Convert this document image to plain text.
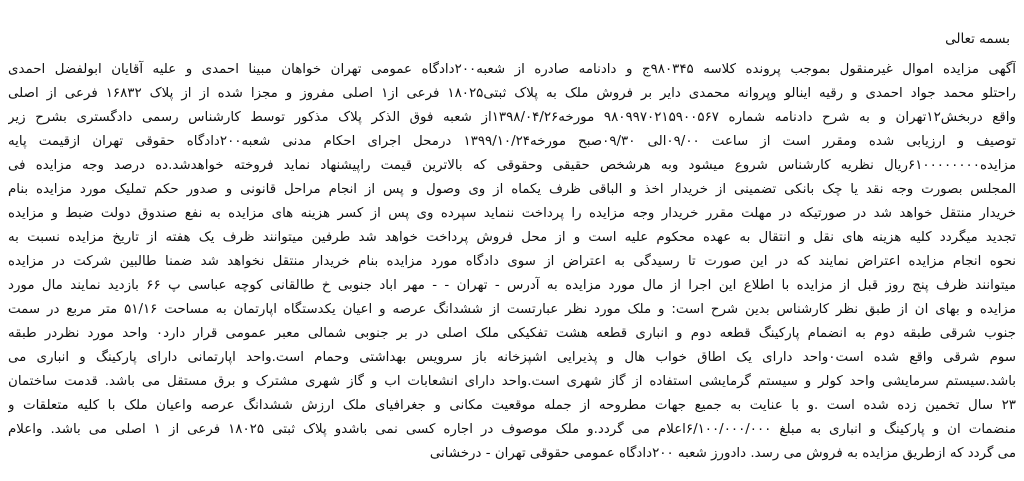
بسمه تعالی
آگهی مزایده اموال غیرمنقول بموجب پرونده کلاسه ۹۸۰۳۴۵ج و دادنامه صادره از شعبه۲۰۰دادگاه عمومی تهران خواهان مبینا احمدی و علیه آقایان ابولفضل احمدی
راحتلو محمد جواد احمدی و رقیه اینالو وپروانه محمدی دایر بر فروش ملک به پلاک ثبتی۱۸۰۲۵ فرعی از۱ اصلی مفروز و مجزا شده از از پلاک ۱۶۸۳۲ فرعی از اصلی
واقع دربخش۱۲تهران و به شرح دادنامه شماره ۹۸۰۹۹۷۰۲۱۵۹۰۰۵۶۷ مورخه۱۳۹۸/۰۴/۲۶از شعبه فوق الذکر پلاک مذکور توسط کارشناس رسمی دادگستری بشرح زیر
توصیف و ارزیابی شده ومقرر است از ساعت ۰۹/۰۰الی ۰۹/۳۰صبح مورخه۱۳۹۹/۱۰/۲۴ درمحل اجرای احکام مدنی شعبه۲۰۰دادگاه حقوقی تهران ازقیمت پایه
مزایده۶۱۰۰۰۰۰۰۰۰ریال نظریه کارشناس شروع میشود وبه هرشخص حقیقی وحقوقی که بالاترین قیمت راپیشنهاد نماید فروخته خواهدشد.ده درصد وجه مزایده فی
المجلس بصورت وجه نقد یا چک بانکی تضمینی از خریدار اخذ و الباقی ظرف یکماه از وی وصول و پس از انجام مراحل قانونی و صدور حکم تملیک مورد مزایده بنام
خریدار منتقل خواهد شد در صورتیکه در مهلت مقرر خریدار وجه مزایده را پرداخت ننماید سپرده وی پس از کسر هزینه های مزایده به نفع صندوق دولت ضبط و مزایده
تجدید میگردد کلیه هزینه های نقل و انتقال به عهده محکوم علیه است و از محل فروش پرداخت خواهد شد طرفین میتوانند ظرف یک هفته از تاریخ مزایده نسبت به
نحوه انجام مزایده اعتراض نمایند که در این صورت تا رسیدگی به اعتراض از سوی دادگاه مورد مزایده بنام خریدار منتقل نخواهد شد ضمنا طالبین شرکت در مزایده
میتوانند ظرف پنج روز قبل از مزایده با اطلاع این اجرا از مال مورد مزایده به آدرس - تهران - - مهر اباد جنوبی خ طالقانی کوچه عباسی پ ۶۶ بازدید نمایند مال مورد
مزایده و بهای ان از طبق نظر کارشناس بدین شرح است: و ملک مورد نظر عبارتست از ششدانگ عرصه و اعیان یکدستگاه اپارتمان به مساحت ۵۱/۱۶ متر مربع در سمت
جنوب شرقی طبقه دوم به انضمام پارکینگ قطعه دوم و انباری قطعه هشت تفکیکی ملک اصلی در بر جنوبی شمالی معبر عمومی قرار دارد۰ واحد مورد نظردر طبقه
سوم شرقی واقع شده است۰واحد دارای یک اطاق خواب هال و پذیرایی اشپزخانه باز سرویس بهداشتی وحمام است.واحد اپارتمانی دارای پارکینگ و انباری می
باشد.سیستم سرمایشی واحد کولر و سیستم گرمایشی استفاده از گاز شهری است.واحد دارای انشعابات اب و گاز شهری مشترک و برق مستقل می باشد. قدمت ساختمان
۲۳ سال تخمین زده شده است .و با عنایت به جمیع جهات مطروحه از جمله موقعیت مکانی و جغرافیای ملک ارزش ششدانگ عرصه واعیان ملک با کلیه متعلقات و
منضمات ان و پارکینگ و انباری به مبلغ ۶/۱۰۰/۰۰۰/۰۰۰اعلام می گردد.و ملک موصوف در اجاره کسی نمی باشدو پلاک ثبتی ۱۸۰۲۵ فرعی از ۱ اصلی می باشد. واعلام
می گردد که ازطریق مزایده به فروش می رسد. دادورز شعبه ۲۰۰دادگاه عمومی حقوقی تهران - درخشانی
